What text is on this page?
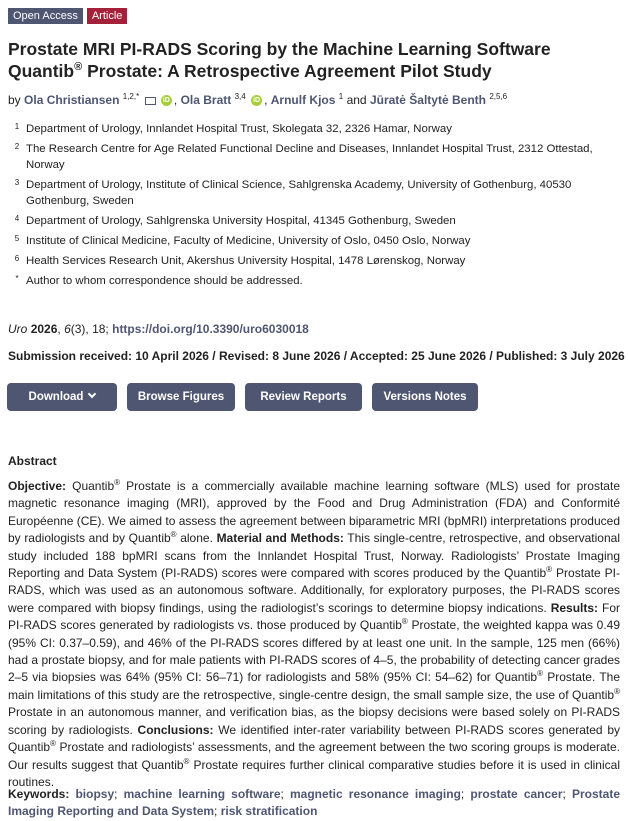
Open Access	Article
Prostate MRI PI-RADS Scoring by the Machine Learning Software Quantib® Prostate: A Retrospective Agreement Pilot Study
by Ola Christiansen $^{1,2,*}$	iD , Ola Bratt $^{3,4}$ iD , Arnulf Kjos $^1$ and Jūratė Šaltytė Benth $^{2,5,6}$
1 Department of Urology, Innlandet Hospital Trust, Skolegata 32, 2326 Hamar, Norway
2 The Research Centre for Age Related Functional Decline and Diseases, Innlandet Hospital Trust, 2312 Ottestad, Norway
3 Department of Urology, Institute of Clinical Science, Sahlgrenska Academy, University of Gothenburg, 40530 Gothenburg, Sweden
4 Department of Urology, Sahlgrenska University Hospital, 41345 Gothenburg, Sweden
5 Institute of Clinical Medicine, Faculty of Medicine, University of Oslo, 0450 Oslo, Norway
6 Health Services Research Unit, Akershus University Hospital, 1478 Lørenskog, Norway
* Author to whom correspondence should be addressed.
Uro 2026, 6(3), 18; https://doi.org/10.3390/uro6030018
Submission received: 10 April 2026 / Revised: 8 June 2026 / Accepted: 25 June 2026 / Published: 3 July 2026
Download	Browse Figures	Review Reports	Versions Notes
Abstract

Objective: Quantib® Prostate is a commercially available machine learning software (MLS) used for prostate magnetic resonance imaging (MRI), approved by the Food and Drug Administration (FDA) and Conformité Européenne (CE). We aimed to assess the agreement between biparametric MRI (bpMRI) interpretations produced by radiologists and by Quantib® alone. Material and Methods: This single-centre, retrospective, and observational study included 188 bpMRI scans from the Innlandet Hospital Trust, Norway. Radiologists’ Prostate Imaging Reporting and Data System (PI-RADS) scores were compared with scores produced by the Quantib® Prostate PI-RADS, which was used as an autonomous software. Additionally, for exploratory purposes, the PI-RADS scores were compared with biopsy findings, using the radiologist’s scorings to determine biopsy indications. Results: For PI-RADS scores generated by radiologists vs. those produced by Quantib® Prostate, the weighted kappa was 0.49 (95% CI: 0.37–0.59), and 46% of the PI-RADS scores differed by at least one unit. In the sample, 125 men (66%) had a prostate biopsy, and for male patients with PI-RADS scores of 4–5, the probability of detecting cancer grades 2–5 via biopsies was 64% (95% CI: 56–71) for radiologists and 58% (95% CI: 54–62) for Quantib® Prostate. The main limitations of this study are the retrospective, single-centre design, the small sample size, the use of Quantib® Prostate in an autonomous manner, and verification bias, as the biopsy decisions were based solely on PI-RADS scoring by radiologists. Conclusions: We identified inter-rater variability between PI-RADS scores generated by Quantib® Prostate and radiologists’ assessments, and the agreement between the two scoring groups is moderate. Our results suggest that Quantib® Prostate requires further clinical comparative studies before it is used in clinical routines.

Keywords: biopsy; machine learning software; magnetic resonance imaging; prostate cancer; Prostate Imaging Reporting and Data System; risk stratification
